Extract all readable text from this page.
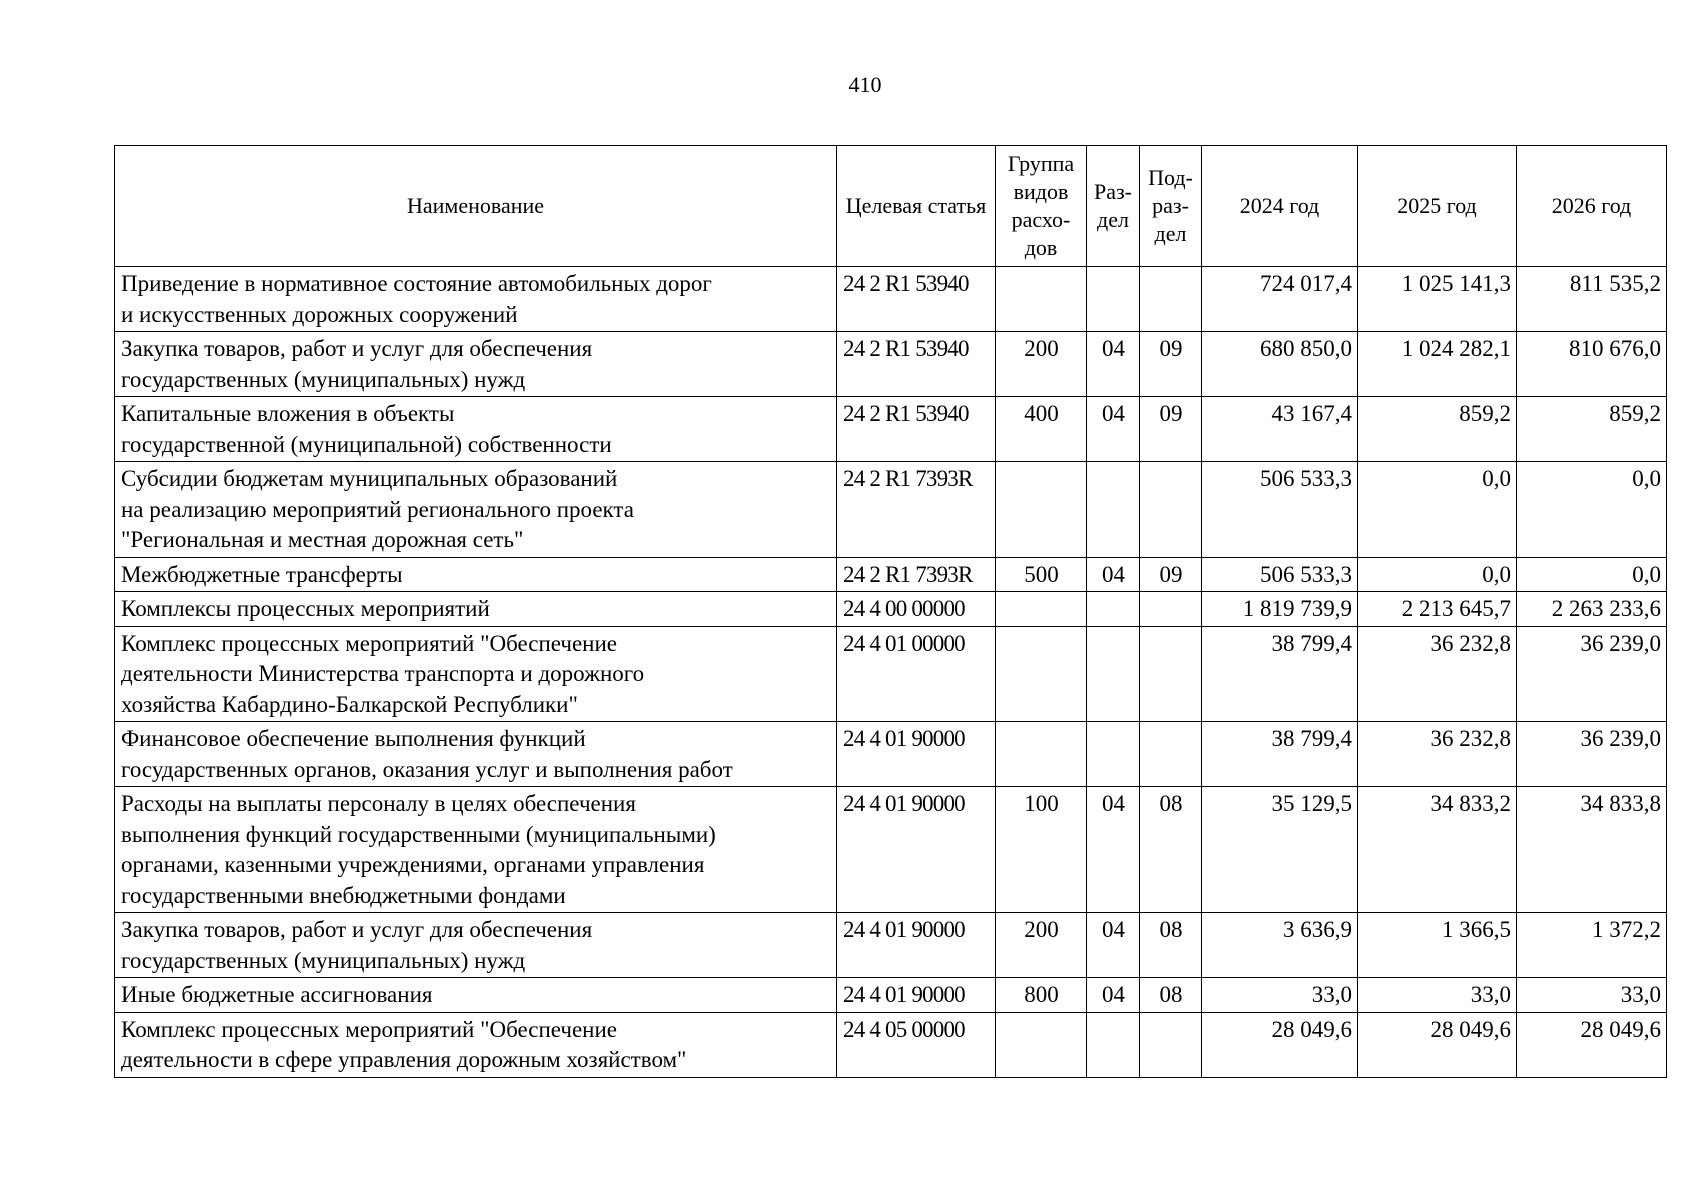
410
Наименование	Целевая статья	Группа видов расхо-дов	Раз-дел	Под-раз-дел	2024 год	2025 год	2026 год

Приведение в нормативное состояние автомобильных дорог
и искусственных дорожных сооружений	24 2 R1 53940				724 017,4	1 025 141,3	811 535,2

Закупка товаров, работ и услуг для обеспечения
государственных (муниципальных) нужд	24 2 R1 53940	200	04	09	680 850,0	1 024 282,1	810 676,0

Капитальные вложения в объекты
государственной (муниципальной) собственности	24 2 R1 53940	400	04	09	43 167,4	859,2	859,2

Субсидии бюджетам муниципальных образований
на реализацию мероприятий регионального проекта
"Региональная и местная дорожная сеть"	24 2 R1 7393R				506 533,3	0,0	0,0

Межбюджетные трансферты	24 2 R1 7393R	500	04	09	506 533,3	0,0	0,0

Комплексы процессных мероприятий	24 4 00 00000				1 819 739,9	2 213 645,7	2 263 233,6

Комплекс процессных мероприятий "Обеспечение
деятельности Министерства транспорта и дорожного
хозяйства Кабардино-Балкарской Республики"	24 4 01 00000				38 799,4	36 232,8	36 239,0

Финансовое обеспечение выполнения функций
государственных органов, оказания услуг и выполнения работ	24 4 01 90000				38 799,4	36 232,8	36 239,0

Расходы на выплаты персоналу в целях обеспечения
выполнения функций государственными (муниципальными)
органами, казенными учреждениями, органами управления
государственными внебюджетными фондами	24 4 01 90000	100	04	08	35 129,5	34 833,2	34 833,8

Закупка товаров, работ и услуг для обеспечения
государственных (муниципальных) нужд	24 4 01 90000	200	04	08	3 636,9	1 366,5	1 372,2

Иные бюджетные ассигнования	24 4 01 90000	800	04	08	33,0	33,0	33,0

Комплекс процессных мероприятий "Обеспечение
деятельности в сфере управления дорожным хозяйством"	24 4 05 00000				28 049,6	28 049,6	28 049,6
